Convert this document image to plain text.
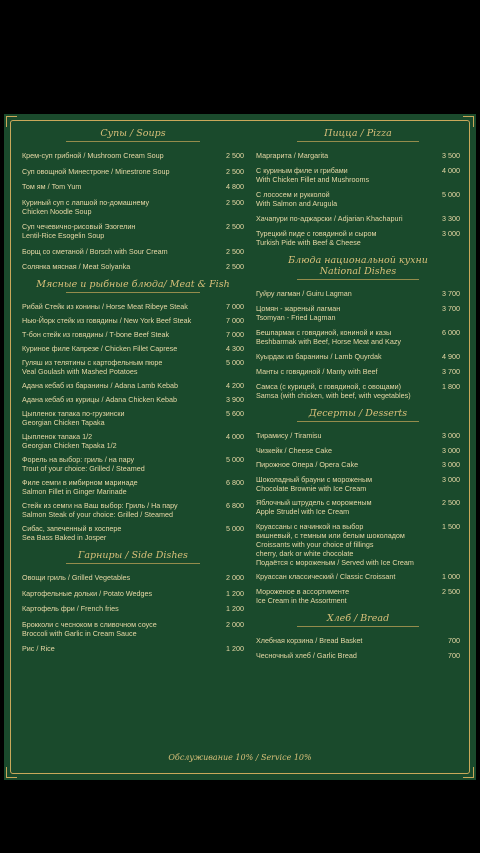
Супы / Soups
Крем-суп грибной / Mushroom Cream Soup	2 500
Суп овощной Минестроне / Minestrone Soup	2 500
Том ям / Tom Yum	4 800
Куриный суп с лапшой по-домашнему
Chicken Noodle Soup
2 500
Суп чечевично-рисовый Эзогелин
Lentil-Rice Esogelin Soup
2 500
Борщ со сметаной / Borsch with Sour Cream	2 500
Солянка мясная / Meat Solyanka	2 500
Мясные и рыбные блюда/ Meat & Fish
Рибай Стейк из конины / Horse Meat Ribeye Steak	7 000
Нью-Йорк стейк из говядины / New York Beef Steak	7 000
Т-бон стейк из говядины / T-bone Beef Steak	7 000
Куриное филе Капрезе / Chicken Fillet Caprese	4 300
Гуляш из телятины с картофельным пюре
Veal Goulash with Mashed Potatoes
5 000
Адана кебаб из баранины / Adana Lamb Kebab	4 200
Адана кебаб из курицы / Adana Chicken Kebab	3 900
Цыпленок тапака по-грузински
Georgian Chicken Tapaka
5 600
Цыпленок тапака 1/2
Georgian Chicken Tapaka 1/2
4 000
Форель на выбор: гриль / на пару
Trout of your choice: Grilled / Steamed
5 000
Филе семги в имбирном маринаде
Salmon Fillet in Ginger Marinade
6 800
Стейк из семги на Ваш выбор: Гриль / На пару
Salmon Steak of your choice: Grilled / Steamed
6 800
Сибас, запеченный в хоспере
Sea Bass Baked in Josper
5 000
Гарниры / Side Dishes
Овощи гриль / Grilled Vegetables	2 000
Картофельные дольки / Potato Wedges	1 200
Картофель фри / French fries	1 200
Брокколи с чесноком в сливочном соусе
Broccoli with Garlic in Cream Sauce
2 000
Рис / Rice	1 200
Пицца / Pizza
Маргарита / Margarita	3 500
С куриным филе и грибами
With Chicken Fillet and Mushrooms
4 000
С лососем и рукколой
With Salmon and Arugula
5 000
Хачапури по-аджарски / Adjarian Khachapuri	3 300
Турецкий пиде с говядиной и сыром
Turkish Pide with Beef & Cheese
3 000
Блюда национальной кухни
National Dishes
Гуйру лагман / Guiru Lagman	3 700
Цомян - жареный лагман
Tsomyan - Fried Lagman
3 700
Бешпармак с говядиной, кониной и казы
Beshbarmak with Beef, Horse Meat and Kazy
6 000
Куырдак из баранины / Lamb Quyrdak	4 900
Манты с говядиной / Manty with Beef	3 700
Самса (с курицей, с говядиной, с овощами)
Samsa (with chicken, with beef, with vegetables)
1 800
Десерты / Desserts
Тирамису / Tiramisu	3 000
Чизкейк / Cheese Cake	3 000
Пирожное Опера / Opera Cake	3 000
Шоколадный брауни с мороженым
Chocolate Brownie with Ice Cream
3 000
Яблочный штрудель с мороженым
Apple Strudel with Ice Cream
2 500
Круассаны с начинкой на выбор
вишневый, с темным или белым шоколадом
Croissants with your choice of fillings
cherry, dark or white chocolate
Подаётся с мороженым / Served with Ice Cream
1 500
Круассан классический / Classic Croissant	1 000
Мороженое в ассортименте
Ice Cream in the Assortment
2 500
Хлеб / Bread
Хлебная корзина / Bread Basket	700
Чесночный хлеб / Garlic Bread	700
Обслуживание 10% / Service 10%
